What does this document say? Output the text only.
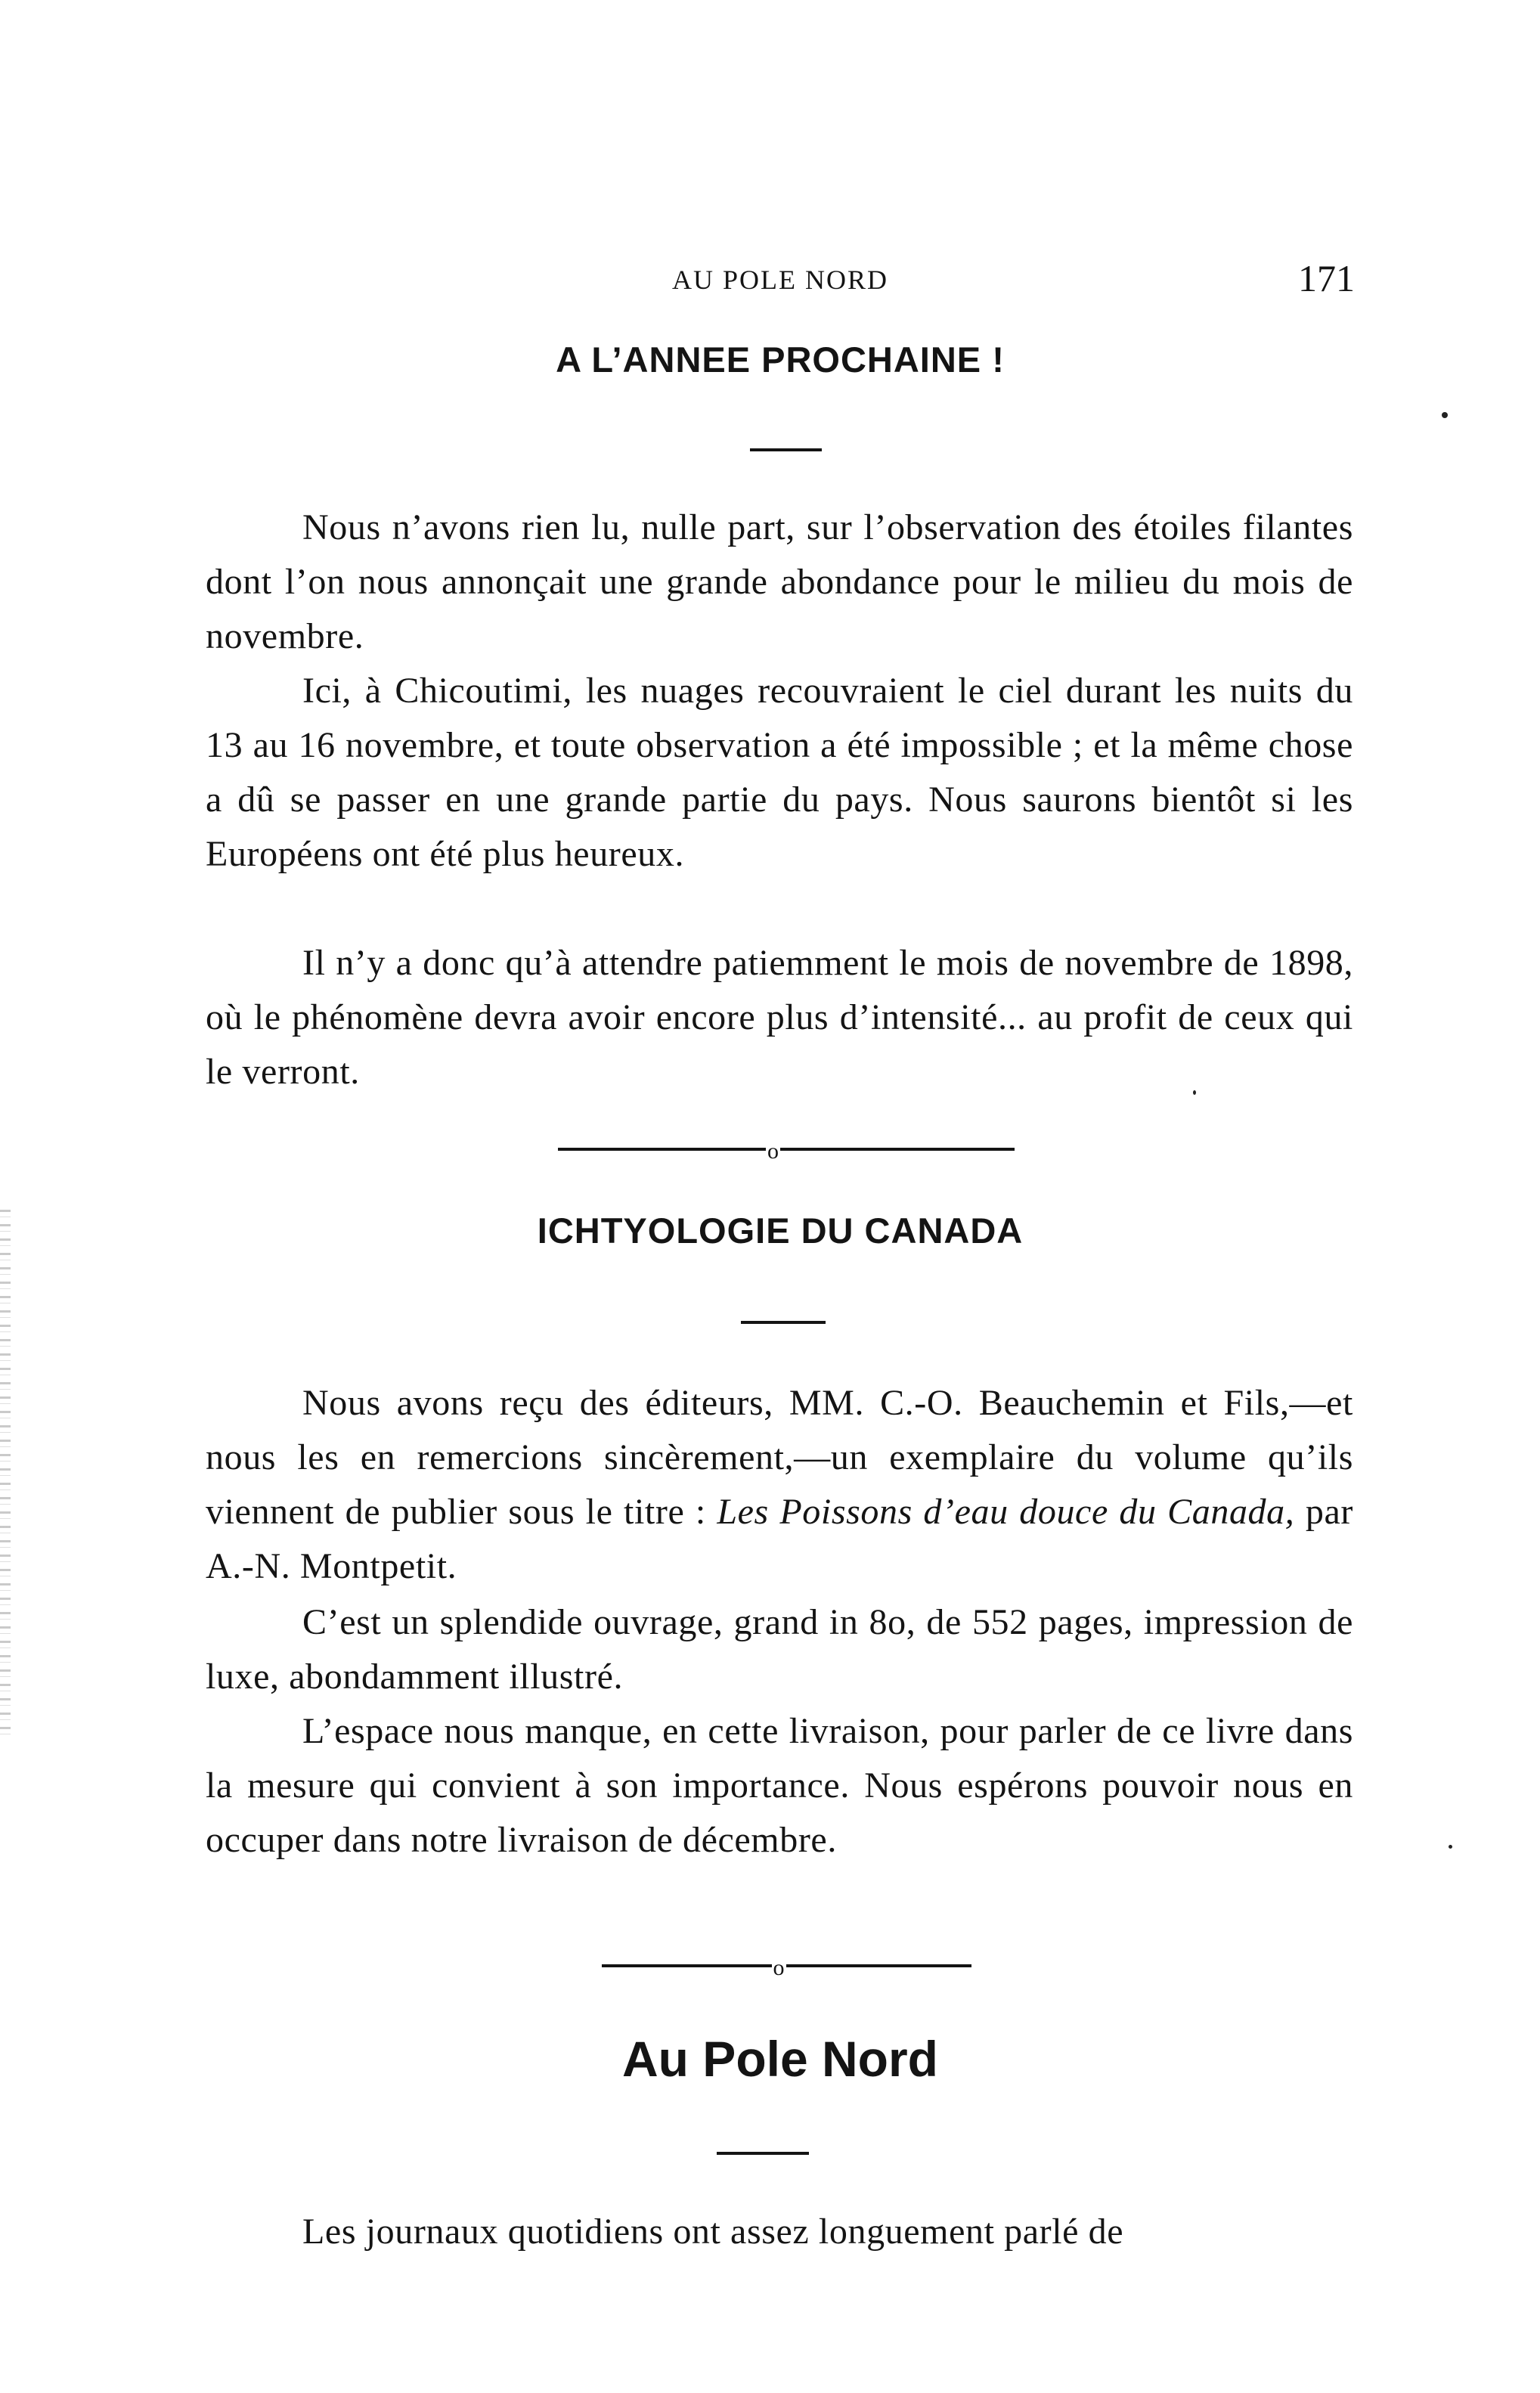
AU POLE NORD	171
A L’ANNEE PROCHAINE !

Nous n’avons rien lu, nulle part, sur l’observation des étoiles filantes dont l’on nous annonçait une grande abondance pour le milieu du mois de novembre.

Ici, à Chicoutimi, les nuages recouvraient le ciel durant les nuits du 13 au 16 novembre, et toute observation a été impossible ; et la même chose a dû se passer en une grande partie du pays. Nous saurons bientôt si les Européens ont été plus heureux.

Il n’y a donc qu’à attendre patiemment le mois de novembre de 1898, où le phénomène devra avoir encore plus d’intensité... au profit de ceux qui le verront.

o
ICHTYOLOGIE DU CANADA

Nous avons reçu des éditeurs, MM. C.-O. Beauchemin et Fils,—et nous les en remercions sincèrement,—un exemplaire du volume qu’ils viennent de publier sous le titre : Les Poissons d’eau douce du Canada, par A.-N. Montpetit.

C’est un splendide ouvrage, grand in 8o, de 552 pages, impression de luxe, abondamment illustré.

L’espace nous manque, en cette livraison, pour parler de ce livre dans la mesure qui convient à son importance. Nous espérons pouvoir nous en occuper dans notre livraison de décembre.

o
Au Pole Nord

Les journaux quotidiens ont assez longuement parlé de
